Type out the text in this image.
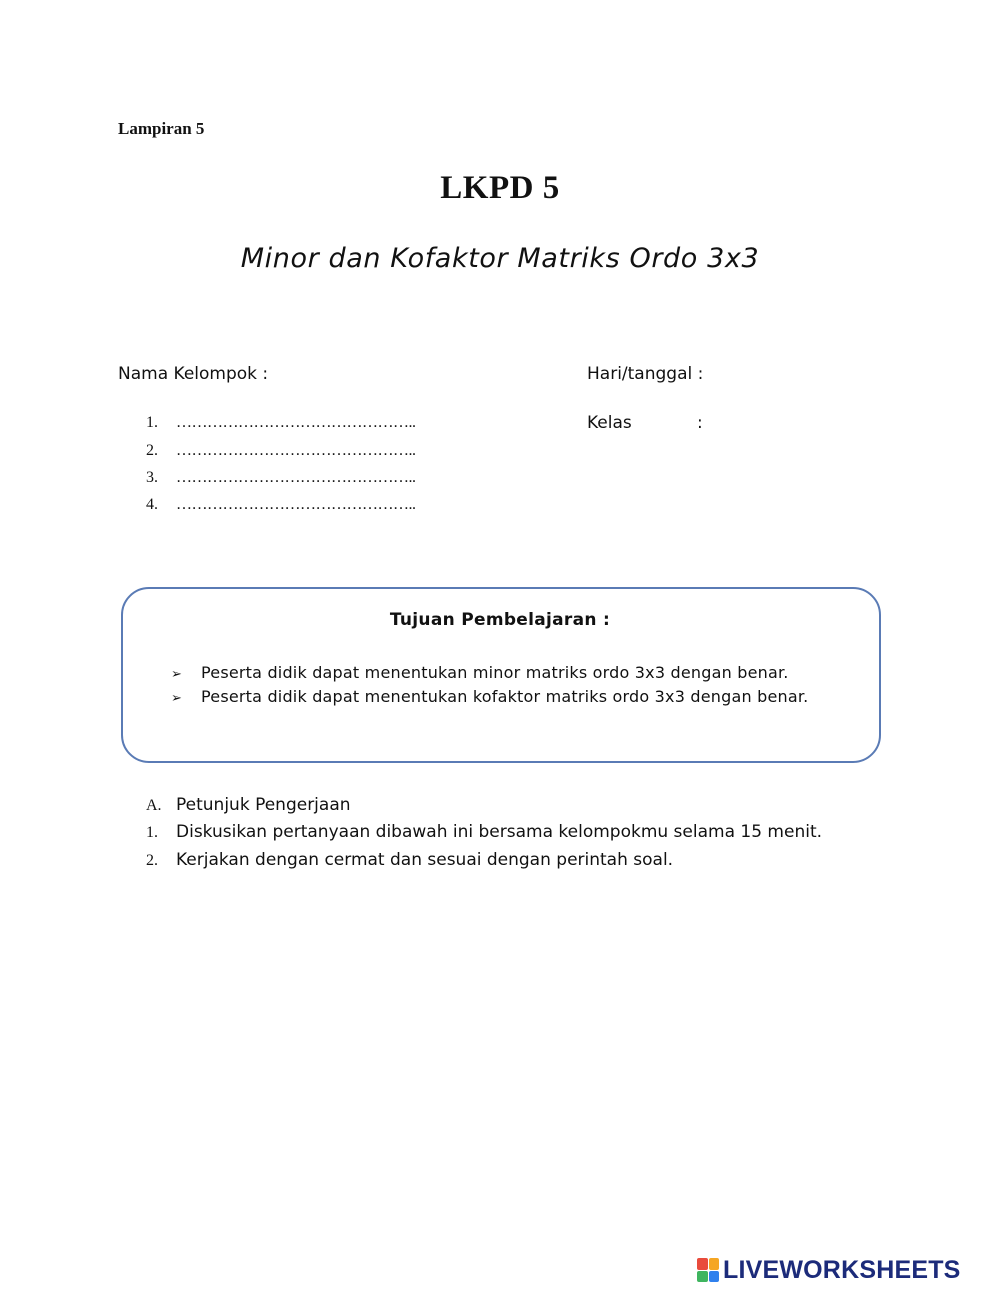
Lampiran 5
LKPD 5
Minor dan Kofaktor Matriks Ordo 3x3
Nama Kelompok :
1. ………………………………………..
2. ………………………………………..
3. ………………………………………..
4. ………………………………………..
Hari/tanggal :
Kelas	:
Tujuan Pembelajaran :
➢ Peserta didik dapat menentukan minor matriks ordo 3x3 dengan benar.
➢ Peserta didik dapat menentukan kofaktor matriks ordo 3x3 dengan benar.
A. Petunjuk Pengerjaan
1. Diskusikan pertanyaan dibawah ini bersama kelompokmu selama 15 menit.
2. Kerjakan dengan cermat dan sesuai dengan perintah soal.
LIVEWORKSHEETS
